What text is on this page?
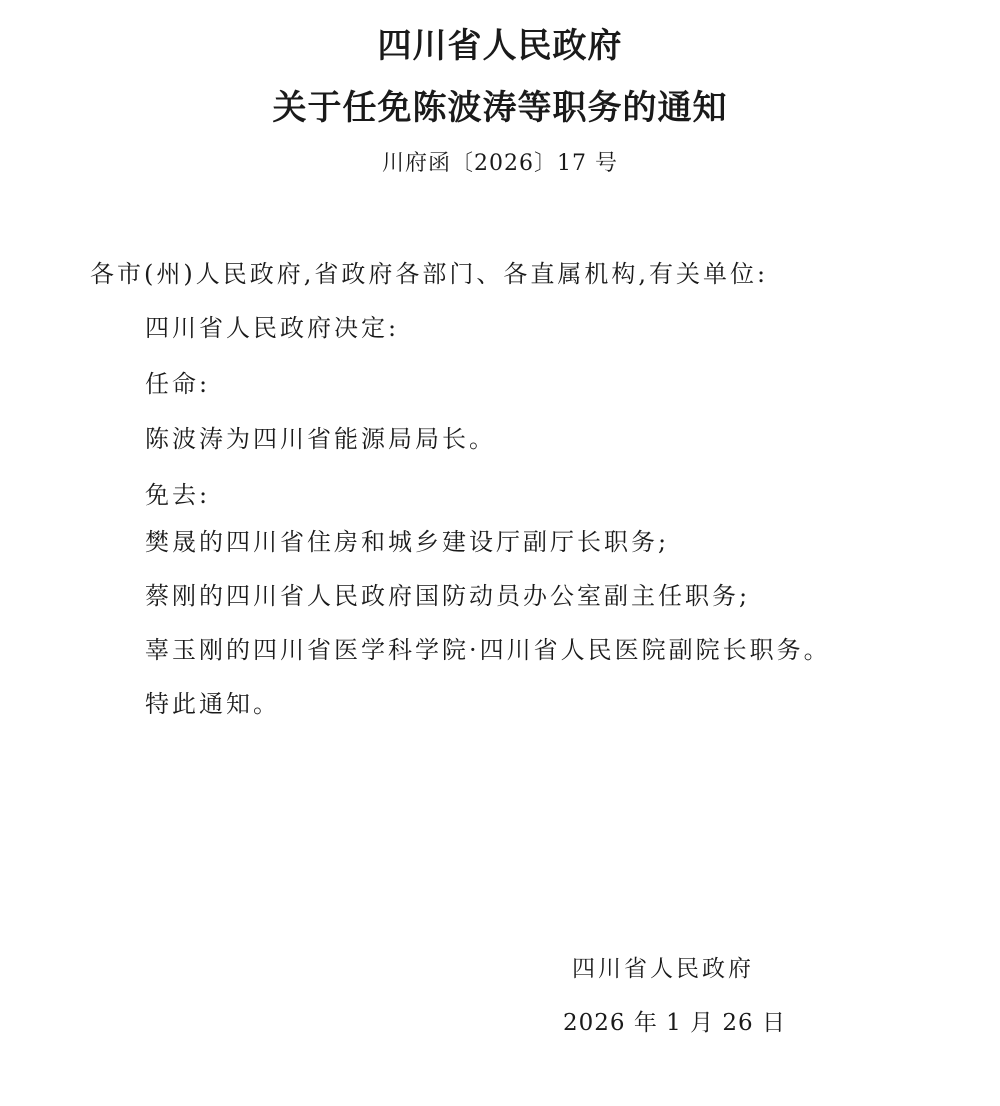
四川省人民政府
关于任免陈波涛等职务的通知
川府函〔2026〕17 号

各市(州)人民政府,省政府各部门、各直属机构,有关单位:

四川省人民政府决定:

任命:

陈波涛为四川省能源局局长。

免去:

樊晟的四川省住房和城乡建设厅副厅长职务;

蔡刚的四川省人民政府国防动员办公室副主任职务;

辜玉刚的四川省医学科学院·四川省人民医院副院长职务。

特此通知。

四川省人民政府
2026 年 1 月 26 日
